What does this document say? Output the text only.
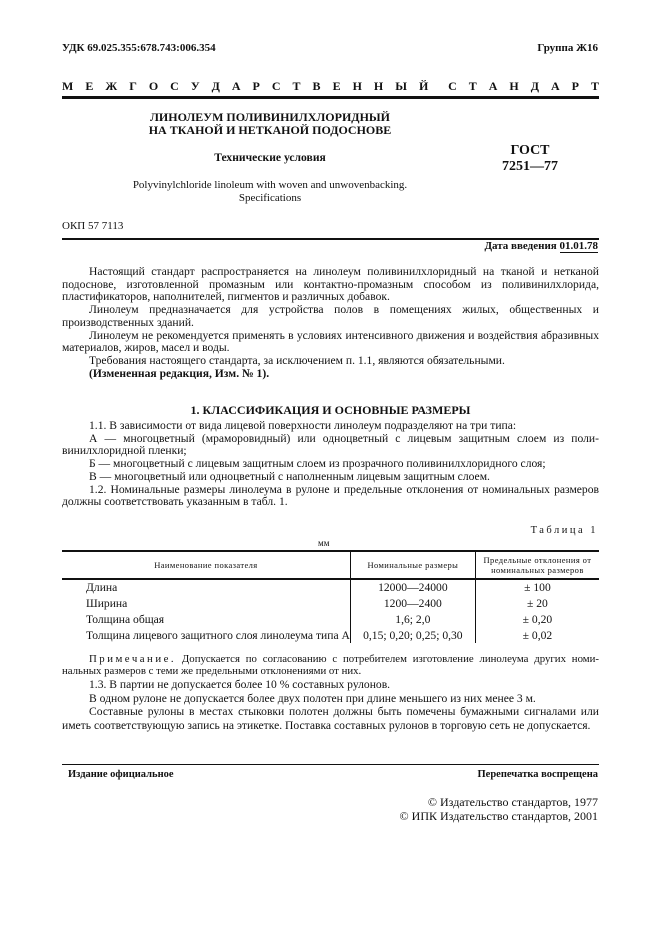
УДК 69.025.355:678.743:006.354	Группа Ж16
М Е Ж Г О С У Д А Р С Т В Е Н Н Ы Й С Т А Н Д А Р Т
ЛИНОЛЕУМ ПОЛИВИНИЛХЛОРИДНЫЙ
НА ТКАНОЙ И НЕТКАНОЙ ПОДОСНОВЕ
Технические условия	ГОСТ
7251—77
Polyvinylchloride linoleum with woven and unwovenbacking.
Specifications
ОКП 57 7113
Дата введения 01.01.78

Настоящий стандарт распространяется на линолеум поливинилхлоридный на тканой и нетканой подоснове, изготовленной промазным или контактно-промазным способом из поливинилхлорида, пластификаторов, наполнителей, пигментов и различных добавок.

Линолеум предназначается для устройства полов в помещениях жилых, общественных и производственных зданий.

Линолеум не рекомендуется применять в условиях интенсивного движения и воздействия абразивных материалов, жиров, масел и воды.

Требования настоящего стандарта, за исключением п. 1.1, являются обязательными.

(Измененная редакция, Изм. № 1).

1. КЛАССИФИКАЦИЯ И ОСНОВНЫЕ РАЗМЕРЫ

1.1. В зависимости от вида лицевой поверхности линолеум подразделяют на три типа:

А — многоцветный (мраморовидный) или одноцветный с лицевым защитным слоем из поливинилхлоридной пленки;

Б — многоцветный с лицевым защитным слоем из прозрачного поливинилхлоридного слоя;

В — многоцветный или одноцветный с наполненным лицевым защитным слоем.

1.2. Номинальные размеры линолеума в рулоне и предельные отклонения от номинальных размеров должны соответствовать указанным в табл. 1.

Таблица 1
мм
Наименование показателя	Номинальные размеры	Предельные отклонения от номинальных размеров
Длина	12000—24000	± 100
Ширина	1200—2400	± 20
Толщина общая	1,6; 2,0	± 0,20
Толщина лицевого защитного слоя линолеума типа А	0,15; 0,20; 0,25; 0,30	± 0,02

Примечание. Допускается по согласованию с потребителем изготовление линолеума других номинальных размеров с теми же предельными отклонениями от них.

1.3. В партии не допускается более 10 % составных рулонов.

В одном рулоне не допускается более двух полотен при длине меньшего из них менее 3 м.

Составные рулоны в местах стыковки полотен должны быть помечены бумажными сигналами или иметь соответствующую запись на этикетке. Поставка составных рулонов в торговую сеть не допускается.

Издание официальное	Перепечатка воспрещена
© Издательство стандартов, 1977
© ИПК Издательство стандартов, 2001
